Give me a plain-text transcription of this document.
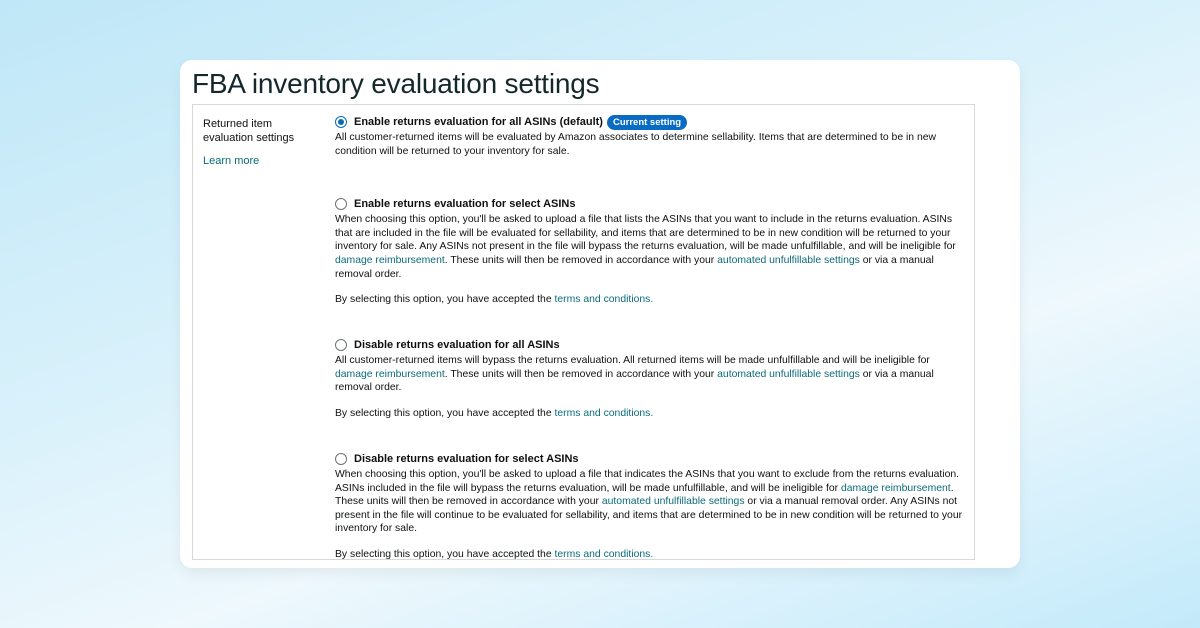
FBA inventory evaluation settings
Returned item evaluation settings
Learn more
Enable returns evaluation for all ASINs (default)	Current setting
All customer-returned items will be evaluated by Amazon associates to determine sellability. Items that are determined to be in new condition will be returned to your inventory for sale.
Enable returns evaluation for select ASINs
When choosing this option, you'll be asked to upload a file that lists the ASINs that you want to include in the returns evaluation. ASINs that are included in the file will be evaluated for sellability, and items that are determined to be in new condition will be returned to your inventory for sale. Any ASINs not present in the file will bypass the returns evaluation, will be made unfulfillable, and will be ineligible for damage reimbursement. These units will then be removed in accordance with your automated unfulfillable settings or via a manual removal order.
By selecting this option, you have accepted the terms and conditions.
Disable returns evaluation for all ASINs
All customer-returned items will bypass the returns evaluation. All returned items will be made unfulfillable and will be ineligible for damage reimbursement. These units will then be removed in accordance with your automated unfulfillable settings or via a manual removal order.
By selecting this option, you have accepted the terms and conditions.
Disable returns evaluation for select ASINs
When choosing this option, you'll be asked to upload a file that indicates the ASINs that you want to exclude from the returns evaluation. ASINs included in the file will bypass the returns evaluation, will be made unfulfillable, and will be ineligible for damage reimbursement. These units will then be removed in accordance with your automated unfulfillable settings or via a manual removal order. Any ASINs not present in the file will continue to be evaluated for sellability, and items that are determined to be in new condition will be returned to your inventory for sale.
By selecting this option, you have accepted the terms and conditions.
